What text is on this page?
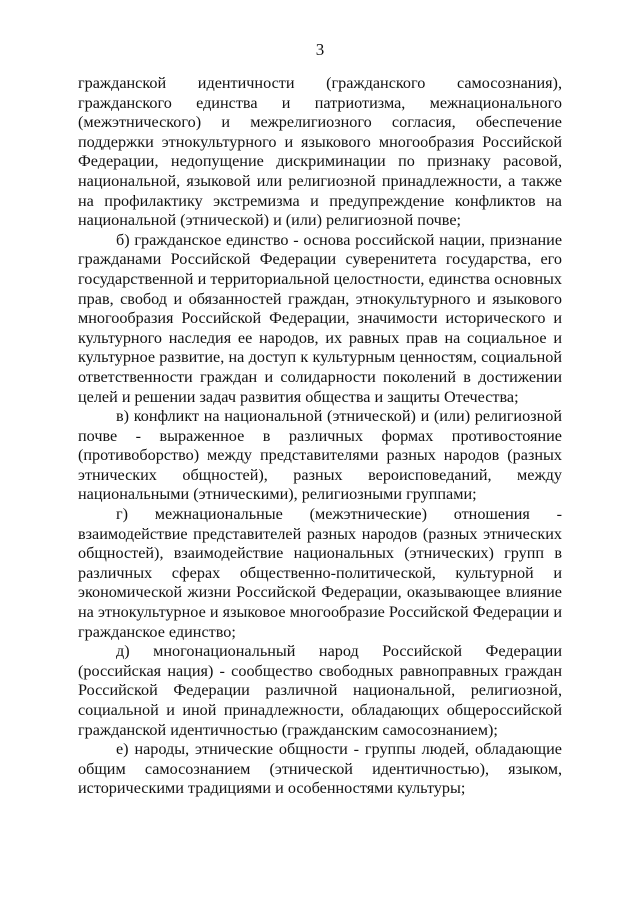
3

гражданской идентичности (гражданского самосознания), гражданского единства и патриотизма, межнационального (межэтнического) и межрелигиозного согласия, обеспечение поддержки этнокультурного и языкового многообразия Российской Федерации, недопущение дискриминации по признаку расовой, национальной, языковой или религиозной принадлежности, а также на профилактику экстремизма и предупреждение конфликтов на национальной (этнической) и (или) религиозной почве;

б) гражданское единство - основа российской нации, признание гражданами Российской Федерации суверенитета государства, его государственной и территориальной целостности, единства основных прав, свобод и обязанностей граждан, этнокультурного и языкового многообразия Российской Федерации, значимости исторического и культурного наследия ее народов, их равных прав на социальное и культурное развитие, на доступ к культурным ценностям, социальной ответственности граждан и солидарности поколений в достижении целей и решении задач развития общества и защиты Отечества;

в) конфликт на национальной (этнической) и (или) религиозной почве - выраженное в различных формах противостояние (противоборство) между представителями разных народов (разных этнических общностей), разных вероисповеданий, между национальными (этническими), религиозными группами;

г) межнациональные (межэтнические) отношения - взаимодействие представителей разных народов (разных этнических общностей), взаимодействие национальных (этнических) групп в различных сферах общественно-политической, культурной и экономической жизни Российской Федерации, оказывающее влияние на этнокультурное и языковое многообразие Российской Федерации и гражданское единство;

д) многонациональный народ Российской Федерации (российская нация) - сообщество свободных равноправных граждан Российской Федерации различной национальной, религиозной, социальной и иной принадлежности, обладающих общероссийской гражданской идентичностью (гражданским самосознанием);

е) народы, этнические общности - группы людей, обладающие общим самосознанием (этнической идентичностью), языком, историческими традициями и особенностями культуры;
